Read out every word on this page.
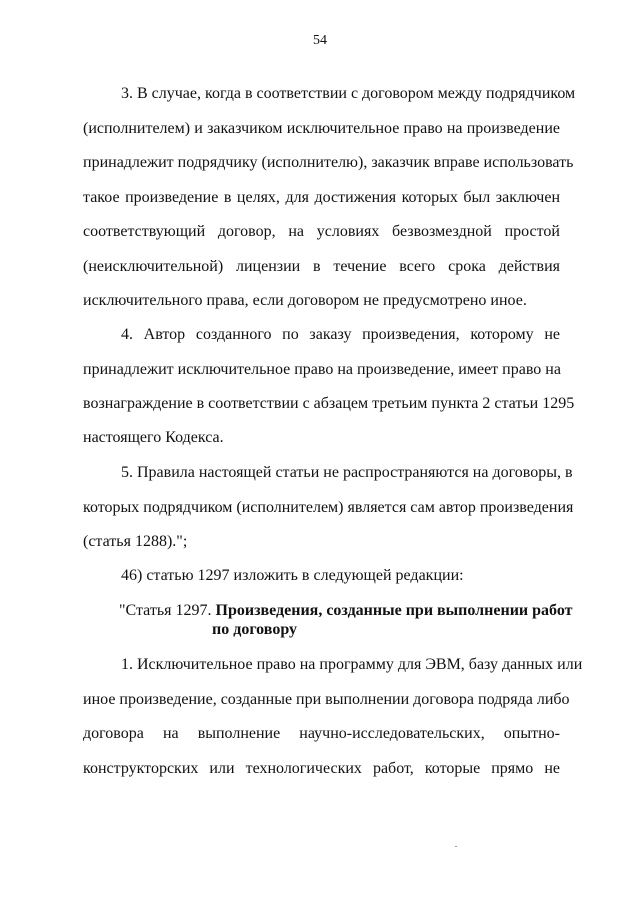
54
3. В случае, когда в соответствии с договором между подрядчиком
(исполнителем) и заказчиком исключительное право на произведение
принадлежит подрядчику (исполнителю), заказчик вправе использовать
такое произведение в целях, для достижения которых был заключен
соответствующий договор, на условиях безвозмездной простой
(неисключительной) лицензии в течение всего срока действия
исключительного права, если договором не предусмотрено иное.
4. Автор созданного по заказу произведения, которому не
принадлежит исключительное право на произведение, имеет право на
вознаграждение в соответствии с абзацем третьим пункта 2 статьи 1295
настоящего Кодекса.
5. Правила настоящей статьи не распространяются на договоры, в
которых подрядчиком (исполнителем) является сам автор произведения
(статья 1288).";
46) статью 1297 изложить в следующей редакции:
"Статья 1297. Произведения, созданные при выполнении работ
по договору
1. Исключительное право на программу для ЭВМ, базу данных или
иное произведение, созданные при выполнении договора подряда либо
договора на выполнение научно-исследовательских, опытно-
конструкторских или технологических работ, которые прямо не
